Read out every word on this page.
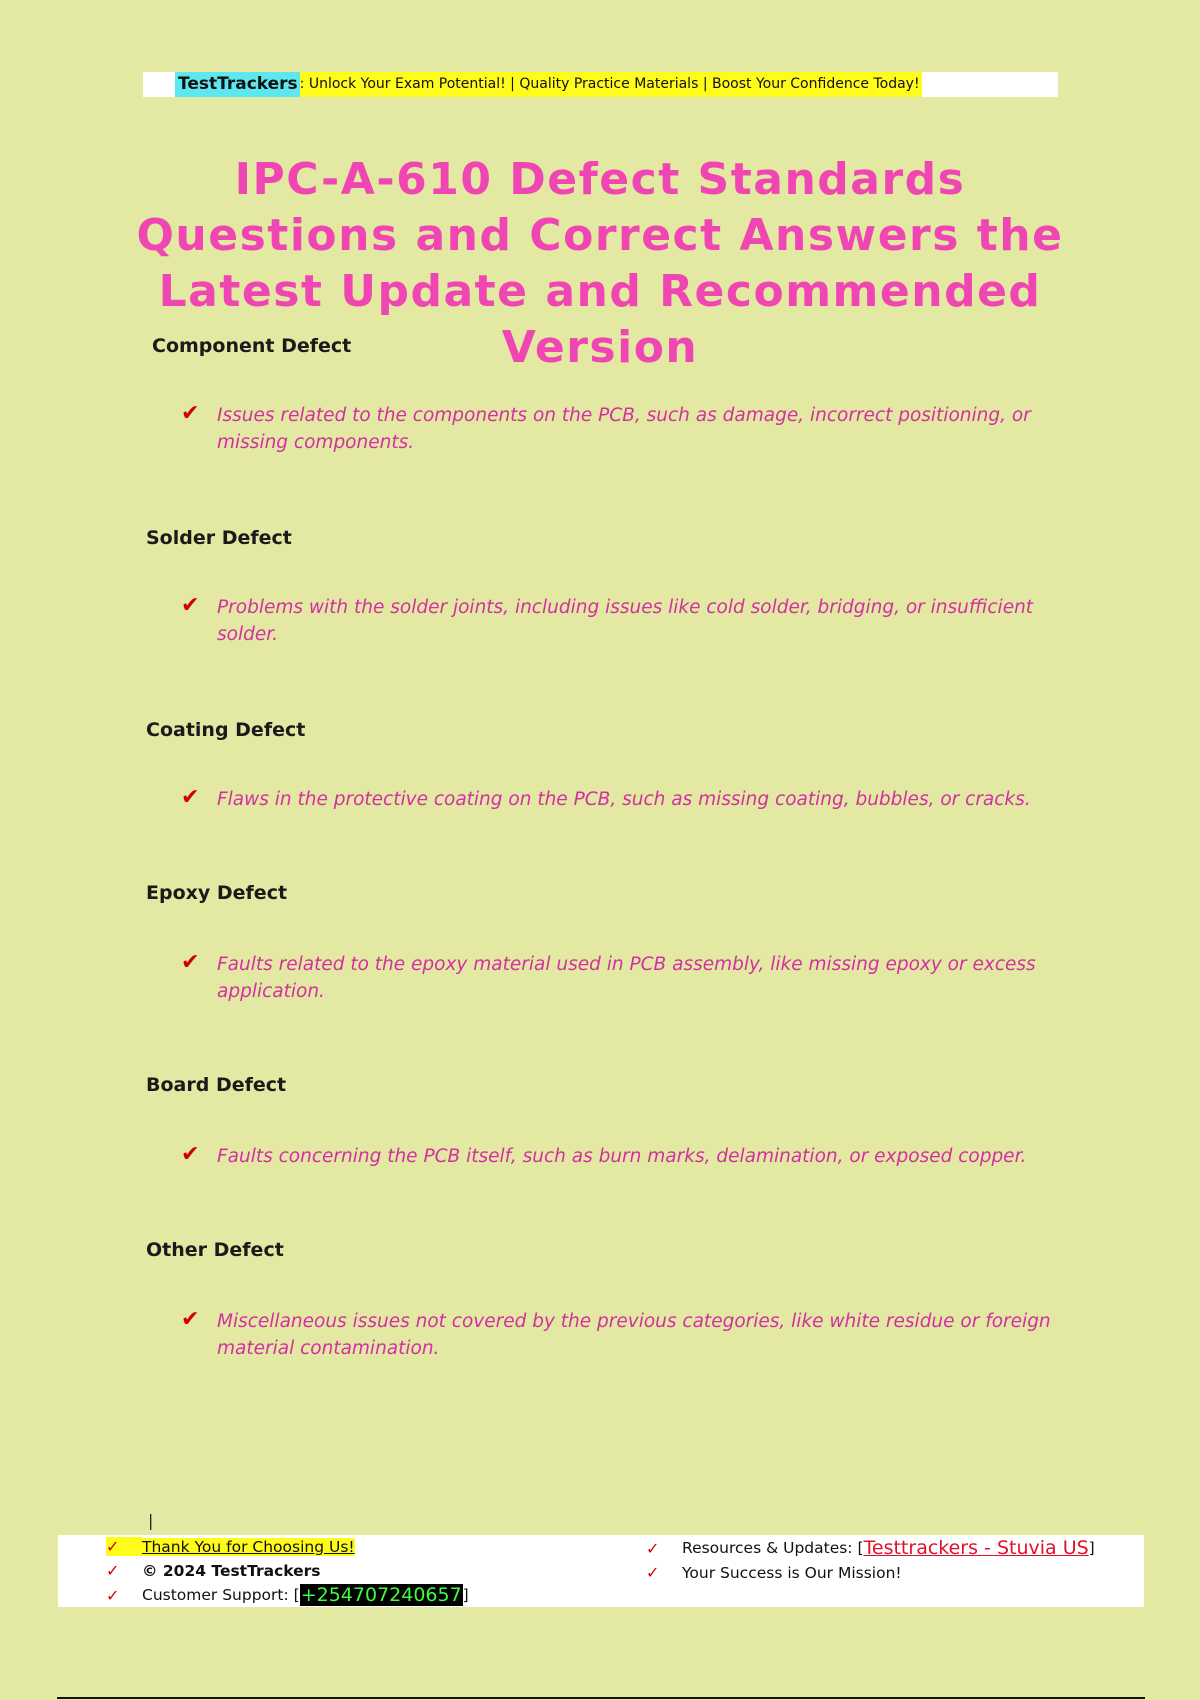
TestTrackers : Unlock Your Exam Potential! | Quality Practice Materials | Boost Your Confidence Today!
IPC-A-610 Defect Standards Questions and Correct Answers the Latest Update and Recommended Version
Component Defect

✔ Issues related to the components on the PCB, such as damage, incorrect positioning, or missing components.

Solder Defect

✔ Problems with the solder joints, including issues like cold solder, bridging, or insufficient solder.

Coating Defect

✔ Flaws in the protective coating on the PCB, such as missing coating, bubbles, or cracks.

Epoxy Defect

✔ Faults related to the epoxy material used in PCB assembly, like missing epoxy or excess application.

Board Defect

✔ Faults concerning the PCB itself, such as burn marks, delamination, or exposed copper.

Other Defect

✔ Miscellaneous issues not covered by the previous categories, like white residue or foreign material contamination.

|
✓	Thank You for Choosing Us!
✓	© 2024 TestTrackers
✓	Customer Support: [ +254707240657 ]
✓	Resources & Updates: [ Testtrackers - Stuvia US ]
✓	Your Success is Our Mission!
